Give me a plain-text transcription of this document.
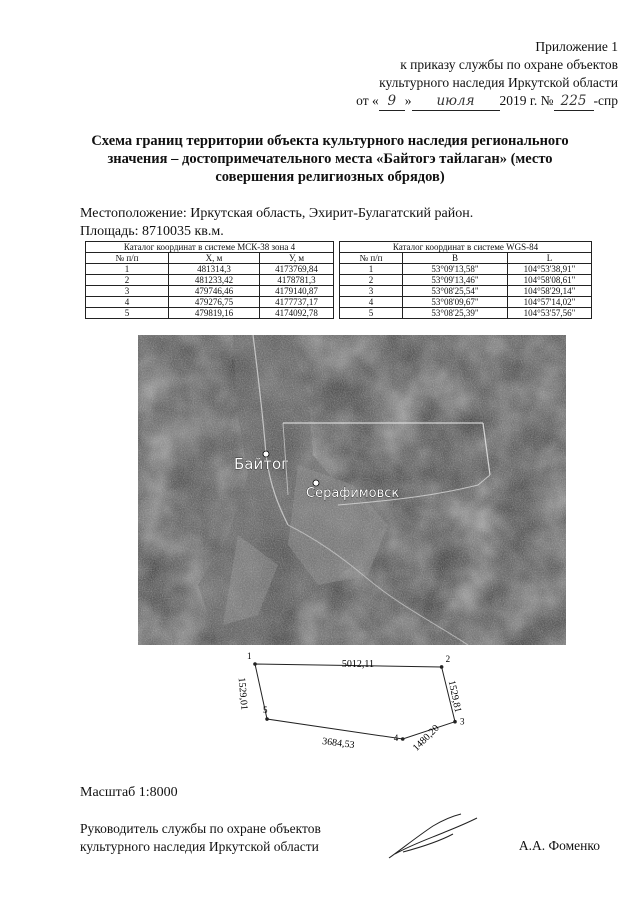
Приложение 1
к приказу службы по охране объектов
культурного наследия Иркутской области
от « 9 » июля 2019 г. № 225 -спр
Схема границ территории объекта культурного наследия регионального значения – достопримечательного места «Байтогэ тайлаган» (место совершения религиозных обрядов)
Местоположение: Иркутская область, Эхирит-Булагатский район.
Площадь: 8710035 кв.м.
Каталог координат в системе МСК-38 зона 4		
№ п/п	X, м	У, м
1	481314,3	4173769,84
2	481233,42	4178781,3
3	479746,46	4179140,87
4	479276,75	4177737,17
5	479819,16	4174092,78
Каталог координат в системе WGS-84		
№ п/п	B	L
1	53°09'13,58"	104°53'38,91"
2	53°09'13,46"	104°58'08,61"
3	53°08'25,54"	104°58'29,14"
4	53°08'09,67"	104°57'14,02"
5	53°08'25,39"	104°53'57,56"
Байтог
Серафимовск
1	2
3
4
5
5012,11
1529,81
1480,20
3684,53
1529,01
Масштаб 1:8000
Руководитель службы по охране объектов
культурного наследия Иркутской области	А.А. Фоменко
